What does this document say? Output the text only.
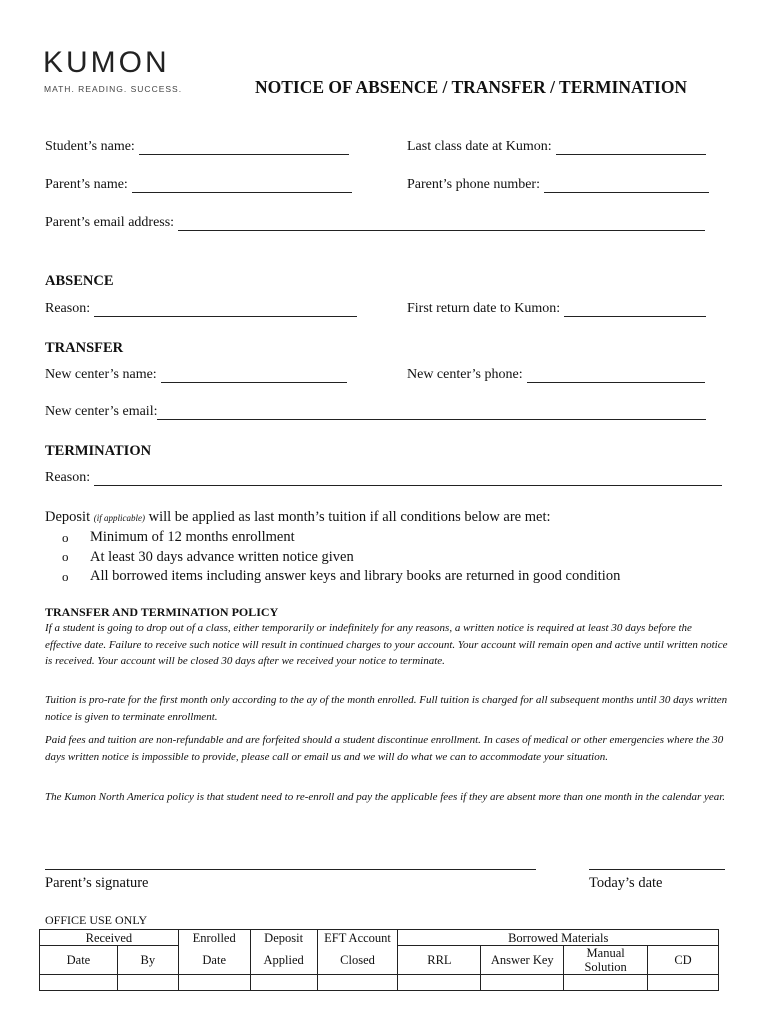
KUMON
MATH. READING. SUCCESS.	NOTICE OF ABSENCE / TRANSFER / TERMINATION
Student’s name:	Last class date at Kumon:
Parent’s name:	Parent’s phone number:
Parent’s email address:
ABSENCE
Reason:	First return date to Kumon:
TRANSFER
New center’s name:	New center’s phone:
New center’s email:
TERMINATION
Reason:
Deposit (if applicable) will be applied as last month’s tuition if all conditions below are met:
o	Minimum of 12 months enrollment
o	At least 30 days advance written notice given
o	All borrowed items including answer keys and library books are returned in good condition
TRANSFER AND TERMINATION POLICY
If a student is going to drop out of a class, either temporarily or indefinitely for any reasons, a written notice is required at least 30 days before the effective date. Failure to receive such notice will result in continued charges to your account. Your account will remain open and active until written notice is received. Your account will be closed 30 days after we received your notice to terminate.
Tuition is pro-rate for the first month only according to the ay of the month enrolled. Full tuition is charged for all subsequent months until 30 days written notice is given to terminate enrollment.
Paid fees and tuition are non-refundable and are forfeited should a student discontinue enrollment. In cases of medical or other emergencies where the 30 days written notice is impossible to provide, please call or email us and we will do what we can to accommodate your situation.
The Kumon North America policy is that student need to re-enroll and pay the applicable fees if they are absent more than one month in the calendar year.
Parent’s signature	Today’s date
OFFICE USE ONLY
Received		Enrolled	Deposit	EFT Account	Borrowed Materials			
Date	By	Date	Applied	Closed	RRL	Answer Key	Manual Solution	CD
